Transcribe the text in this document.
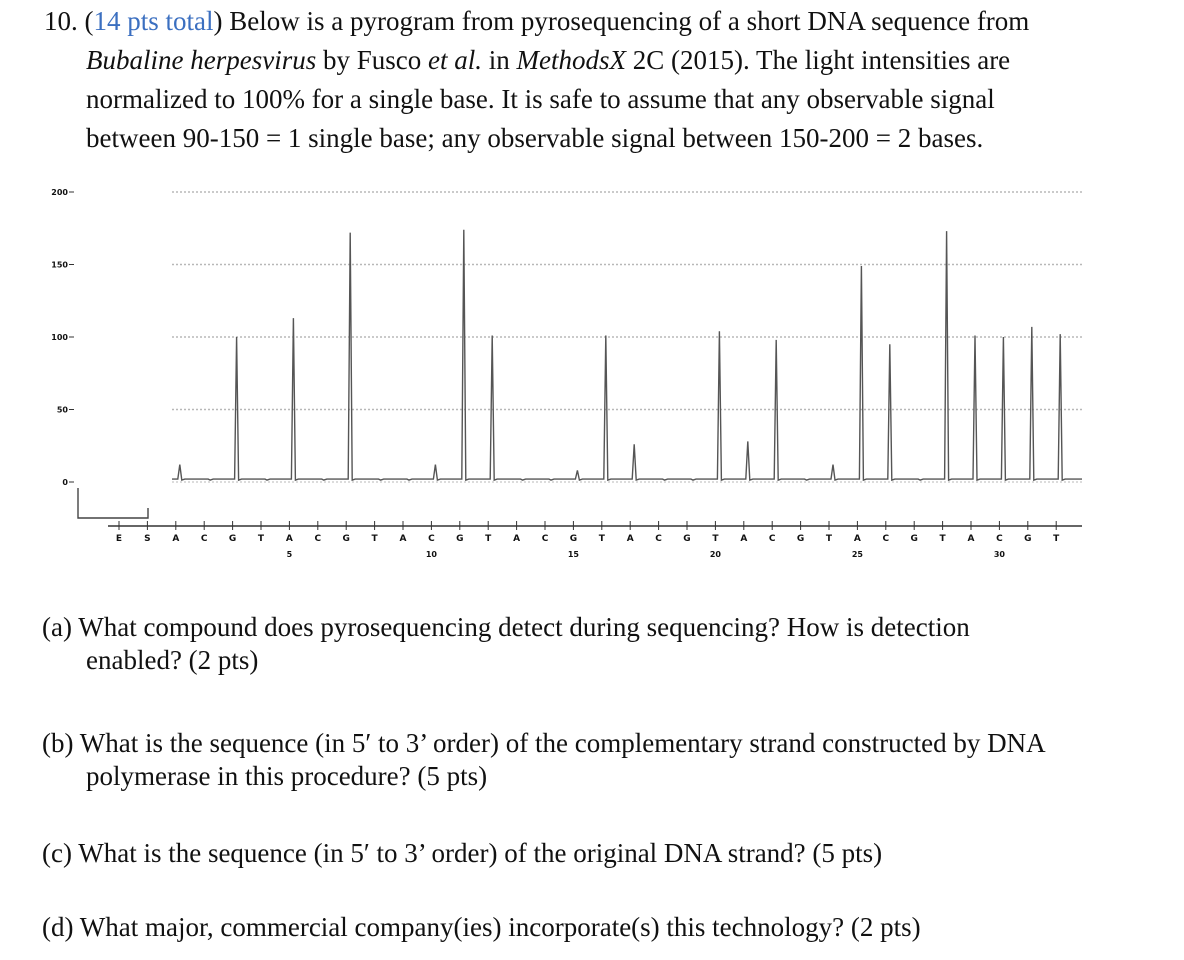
10. (14 pts total) Below is a pyrogram from pyrosequencing of a short DNA sequence from
Bubaline herpesvirus by Fusco et al. in MethodsX 2C (2015). The light intensities are
normalized to 100% for a single base. It is safe to assume that any observable signal
between 90-150 = 1 single base; any observable signal between 150-200 = 2 bases.
200
150
100
50
0
E S A C G T A C G T A C G T A C G T A C G T A C G T A C G T A C G T
5	10	15	20	25	30
(a) What compound does pyrosequencing detect during sequencing? How is detection
enabled? (2 pts)
(b) What is the sequence (in 5′ to 3’ order) of the complementary strand constructed by DNA
polymerase in this procedure? (5 pts)
(c) What is the sequence (in 5′ to 3’ order) of the original DNA strand? (5 pts)
(d) What major, commercial company(ies) incorporate(s) this technology? (2 pts)
